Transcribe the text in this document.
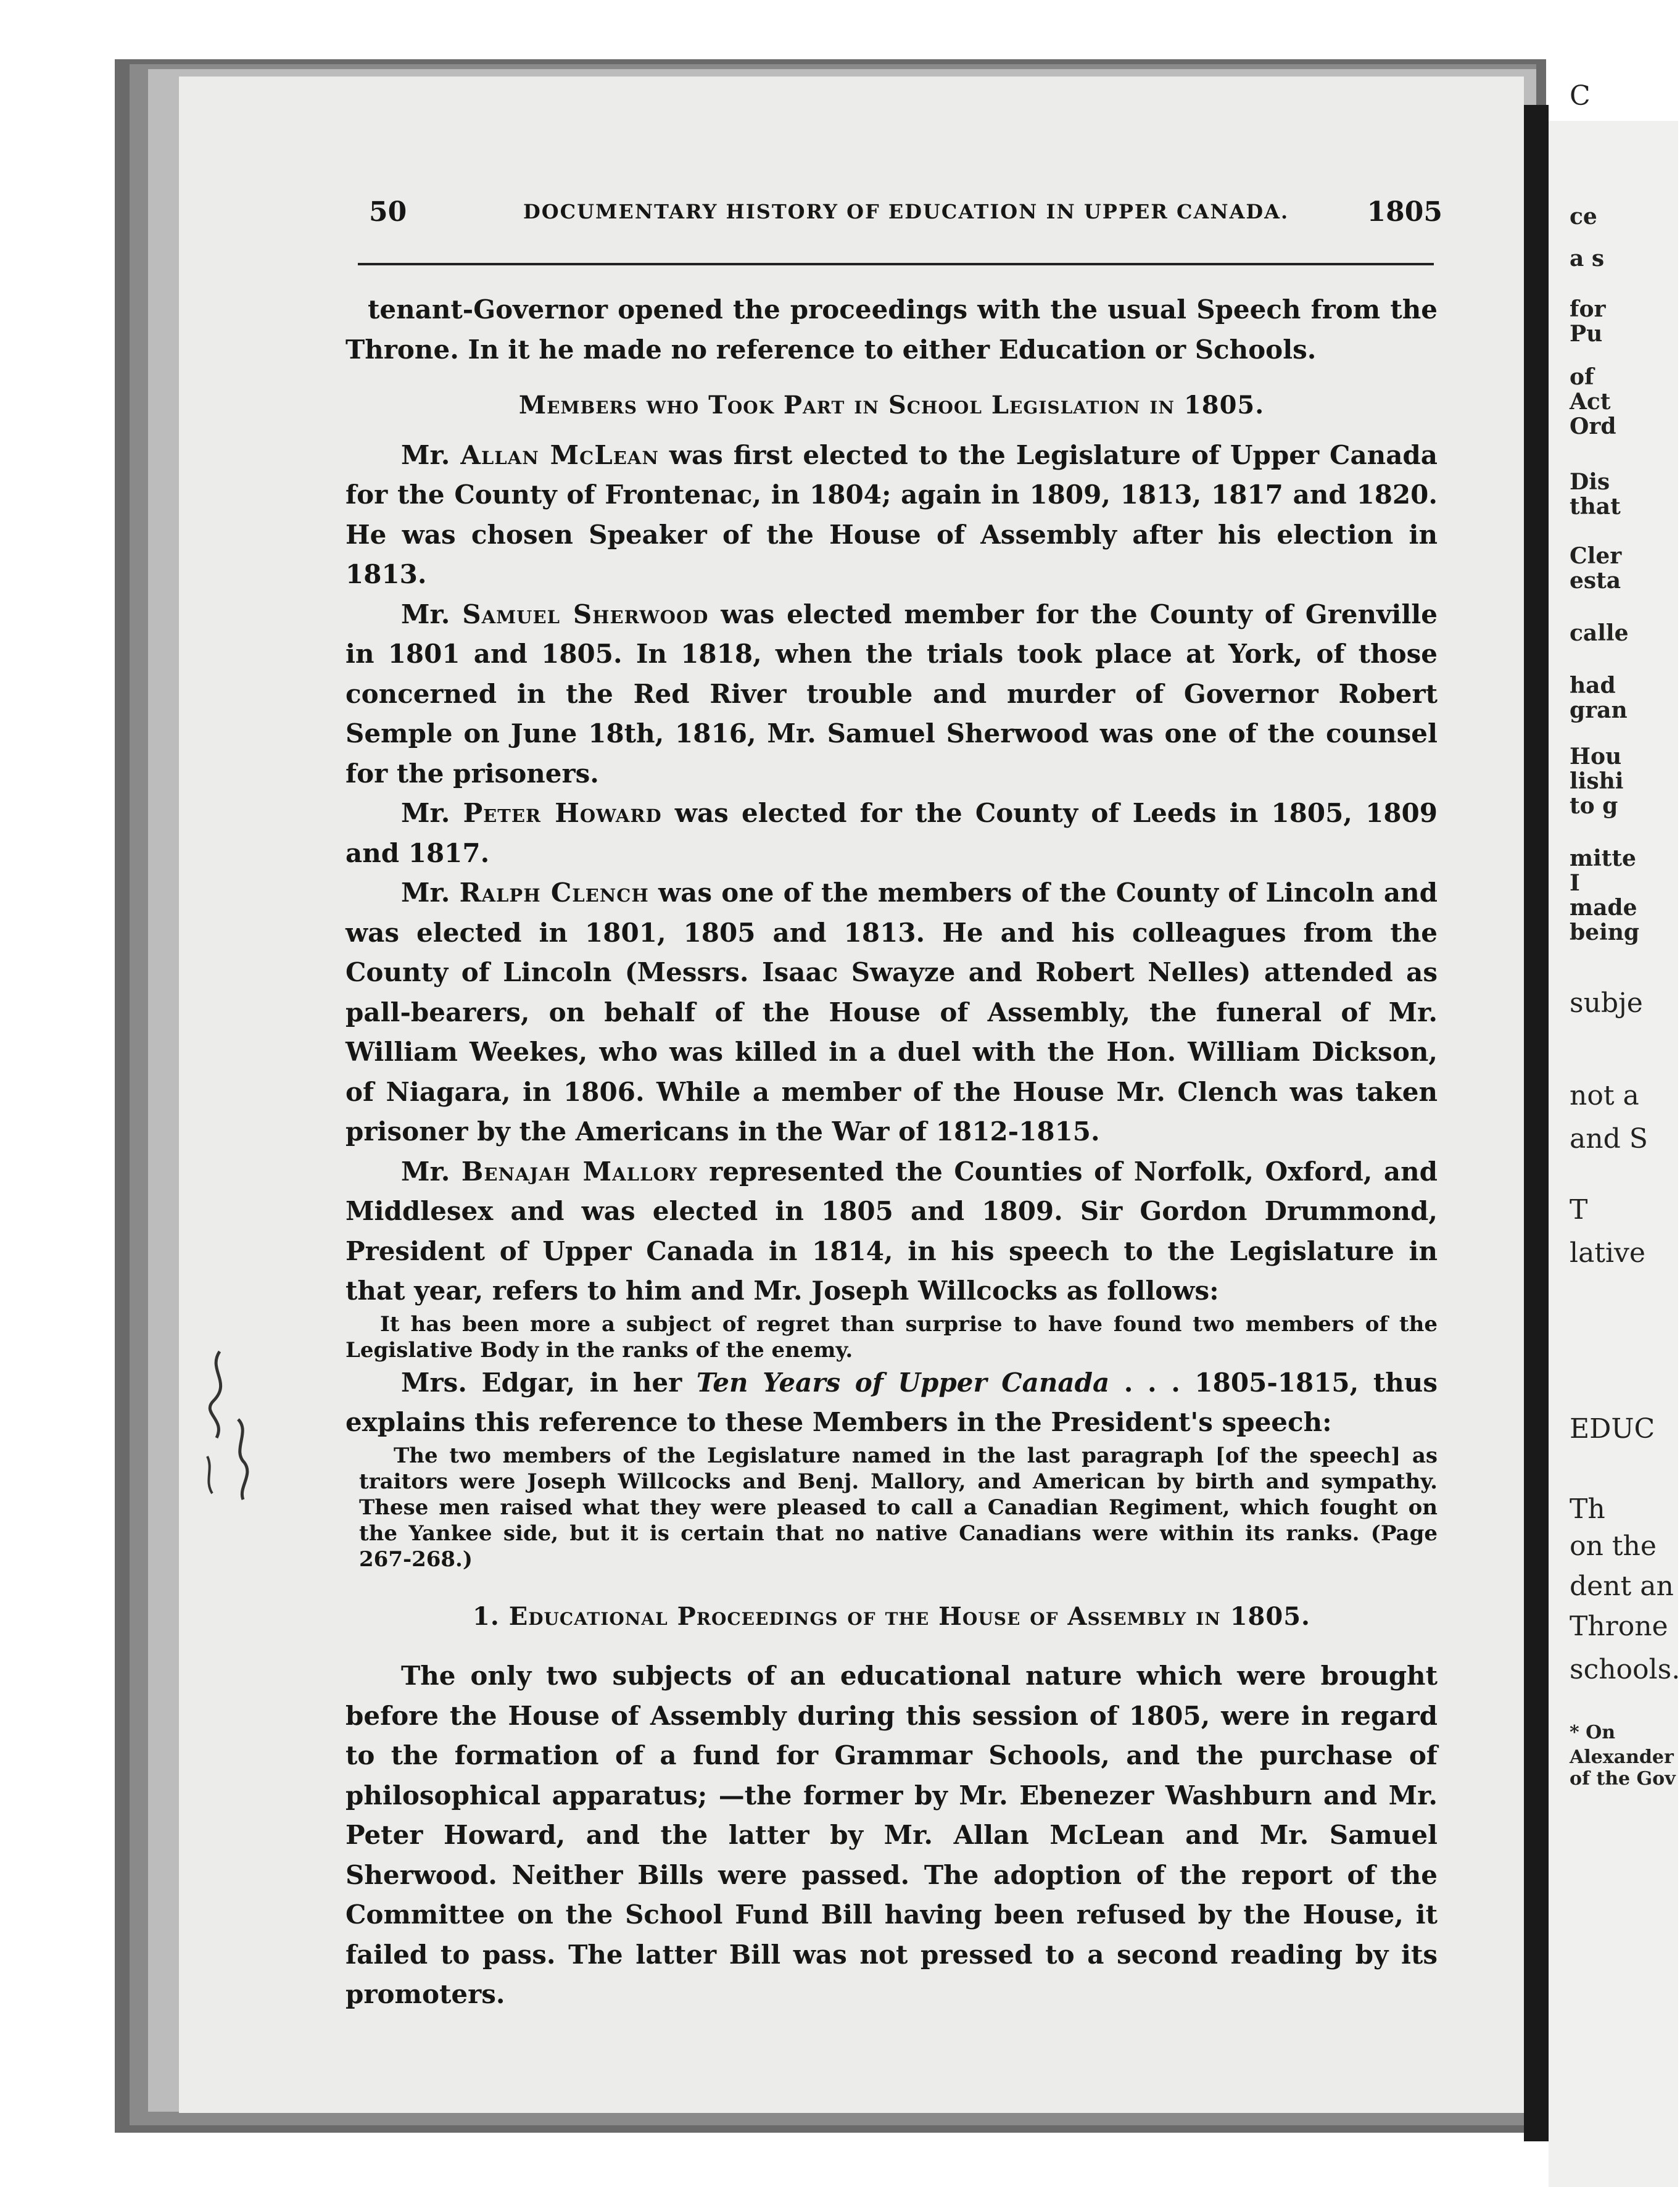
C
ce
a s
for
Pu
of
Act
Ord
Dis
that
Cler
esta
calle
had
gran
Hou
lishi
to g
mitte
I
made
being
subje
not a
and S
T
lative
EDUC
Th
on the
dent an
Throne
schools.
* On
Alexander
of the Gov
50	DOCUMENTARY HISTORY OF EDUCATION IN UPPER CANADA.	1805

tenant-Governor opened the proceedings with the usual Speech from the Throne. In it he made no reference to either Education or Schools.

Members who Took Part in School Legislation in 1805.

Mr. Allan McLean was first elected to the Legislature of Upper Canada for the County of Frontenac, in 1804; again in 1809, 1813, 1817 and 1820. He was chosen Speaker of the House of Assembly after his election in 1813.

Mr. Samuel Sherwood was elected member for the County of Grenville in 1801 and 1805. In 1818, when the trials took place at York, of those concerned in the Red River trouble and murder of Governor Robert Semple on June 18th, 1816, Mr. Samuel Sherwood was one of the counsel for the prisoners.

Mr. Peter Howard was elected for the County of Leeds in 1805, 1809 and 1817.

Mr. Ralph Clench was one of the members of the County of Lincoln and was elected in 1801, 1805 and 1813. He and his colleagues from the County of Lincoln (Messrs. Isaac Swayze and Robert Nelles) attended as pall-bearers, on behalf of the House of Assembly, the funeral of Mr. William Weekes, who was killed in a duel with the Hon. William Dickson, of Niagara, in 1806. While a member of the House Mr. Clench was taken prisoner by the Americans in the War of 1812-1815.

Mr. Benajah Mallory represented the Counties of Norfolk, Oxford, and Middlesex and was elected in 1805 and 1809. Sir Gordon Drummond, President of Upper Canada in 1814, in his speech to the Legislature in that year, refers to him and Mr. Joseph Willcocks as follows:

It has been more a subject of regret than surprise to have found two members of the Legislative Body in the ranks of the enemy.

Mrs. Edgar, in her Ten Years of Upper Canada . . . 1805-1815, thus explains this reference to these Members in the President's speech:

The two members of the Legislature named in the last paragraph [of the speech] as traitors were Joseph Willcocks and Benj. Mallory, and American by birth and sympathy. These men raised what they were pleased to call a Canadian Regiment, which fought on the Yankee side, but it is certain that no native Canadians were within its ranks. (Page 267-268.)

1. Educational Proceedings of the House of Assembly in 1805.

The only two subjects of an educational nature which were brought before the House of Assembly during this session of 1805, were in regard to the formation of a fund for Grammar Schools, and the purchase of philosophical apparatus; —the former by Mr. Ebenezer Washburn and Mr. Peter Howard, and the latter by Mr. Allan McLean and Mr. Samuel Sherwood. Neither Bills were passed. The adoption of the report of the Committee on the School Fund Bill having been refused by the House, it failed to pass. The latter Bill was not pressed to a second reading by its promoters.
